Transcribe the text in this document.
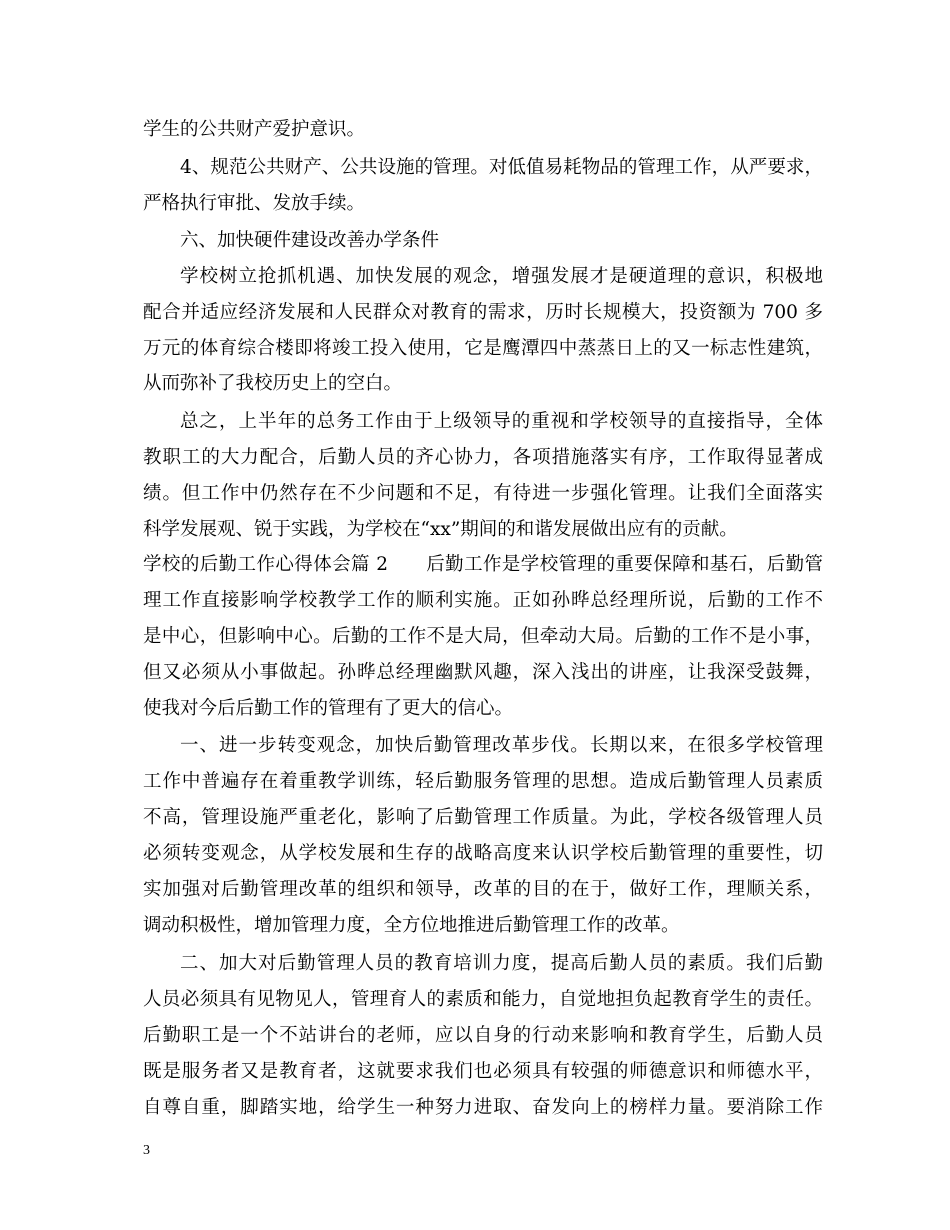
学生的公共财产爱护意识。
4、规范公共财产、公共设施的管理。对低值易耗物品的管理工作，从严要求，
严格执行审批、发放手续。
六、加快硬件建设改善办学条件
学校树立抢抓机遇、加快发展的观念，增强发展才是硬道理的意识，积极地
配合并适应经济发展和人民群众对教育的需求，历时长规模大，投资额为 700 多
万元的体育综合楼即将竣工投入使用，它是鹰潭四中蒸蒸日上的又一标志性建筑，
从而弥补了我校历史上的空白。
总之，上半年的总务工作由于上级领导的重视和学校领导的直接指导，全体
教职工的大力配合，后勤人员的齐心协力，各项措施落实有序，工作取得显著成
绩。但工作中仍然存在不少问题和不足，有待进一步强化管理。让我们全面落实
科学发展观、锐于实践，为学校在“xx”期间的和谐发展做出应有的贡献。
学校的后勤工作心得体会篇 2　　后勤工作是学校管理的重要保障和基石，后勤管
理工作直接影响学校教学工作的顺利实施。正如孙晔总经理所说，后勤的工作不
是中心，但影响中心。后勤的工作不是大局，但牵动大局。后勤的工作不是小事，
但又必须从小事做起。孙晔总经理幽默风趣，深入浅出的讲座，让我深受鼓舞，
使我对今后后勤工作的管理有了更大的信心。
一、进一步转变观念，加快后勤管理改革步伐。长期以来，在很多学校管理
工作中普遍存在着重教学训练，轻后勤服务管理的思想。造成后勤管理人员素质
不高，管理设施严重老化，影响了后勤管理工作质量。为此，学校各级管理人员
必须转变观念，从学校发展和生存的战略高度来认识学校后勤管理的重要性，切
实加强对后勤管理改革的组织和领导，改革的目的在于，做好工作，理顺关系，
调动积极性，增加管理力度，全方位地推进后勤管理工作的改革。
二、加大对后勤管理人员的教育培训力度，提高后勤人员的素质。我们后勤
人员必须具有见物见人，管理育人的素质和能力，自觉地担负起教育学生的责任。
后勤职工是一个不站讲台的老师，应以自身的行动来影响和教育学生，后勤人员
既是服务者又是教育者，这就要求我们也必须具有较强的师德意识和师德水平，
自尊自重，脚踏实地，给学生一种努力进取、奋发向上的榜样力量。要消除工作
3
